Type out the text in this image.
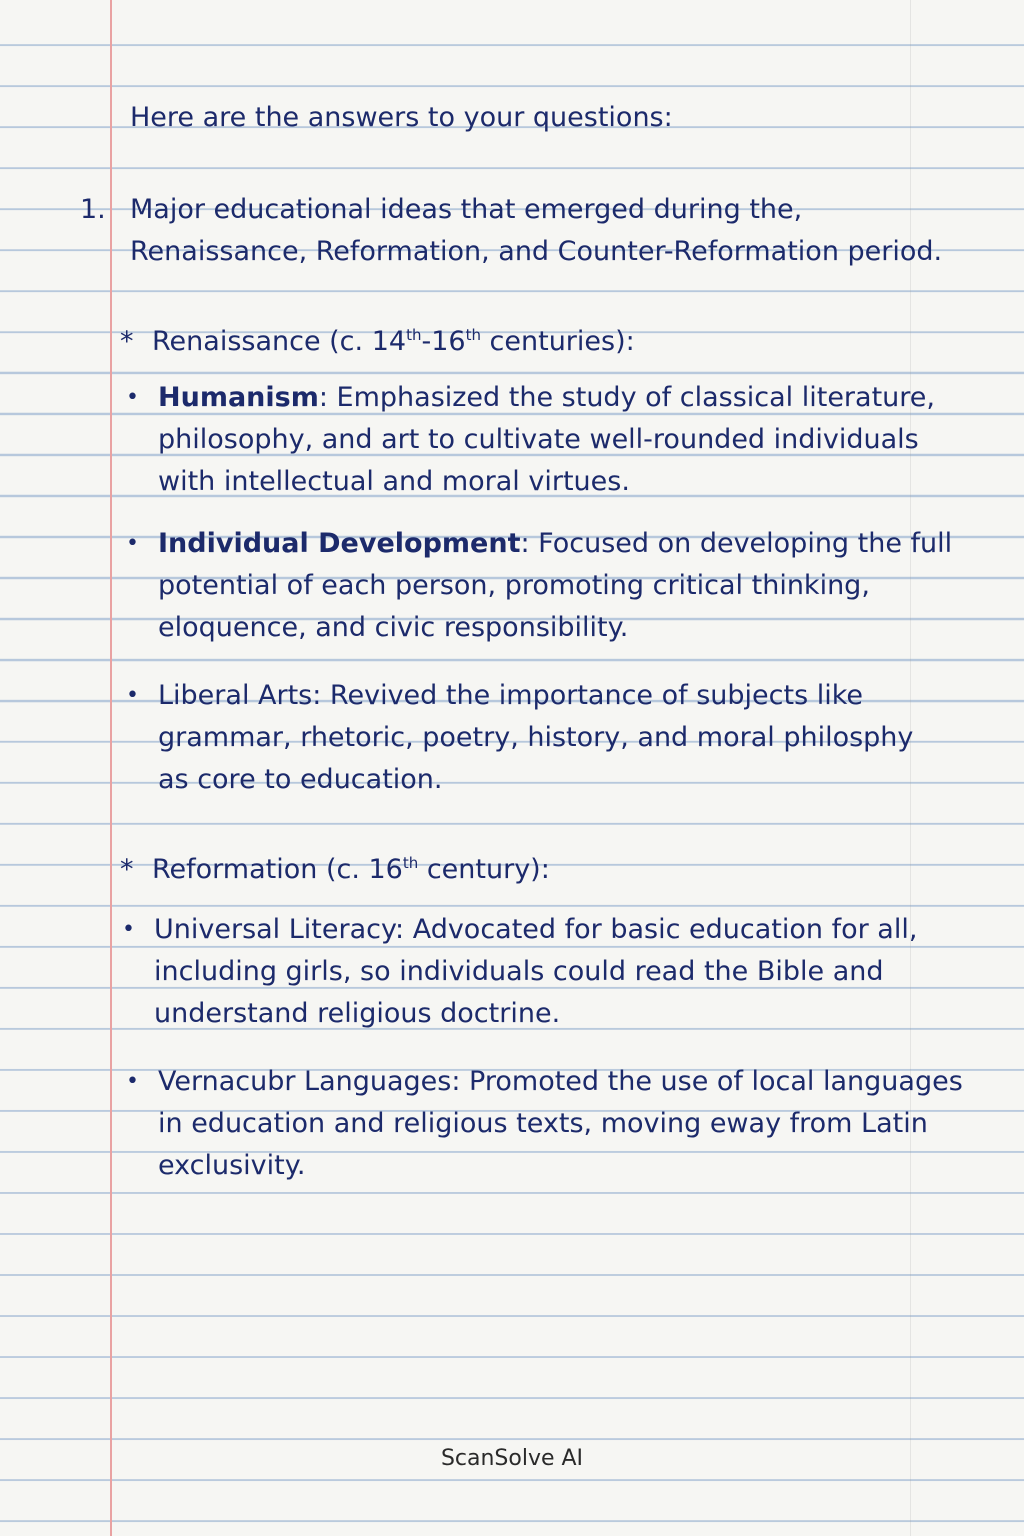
Here are the answers to your questions:
1. Major educational ideas that emerged during the,
Renaissance, Reformation, and Counter-Reformation period.
* Renaissance (c. 14th-16th centuries):
• Humanism: Emphasized the study of classical literature,
philosophy, and art to cultivate well-rounded individuals
with intellectual and moral virtues.
• Individual Development: Focused on developing the full
potential of each person, promoting critical thinking,
eloquence, and civic responsibility.
• Liberal Arts: Revived the importance of subjects like
grammar, rhetoric, poetry, history, and moral philosphy
as core to education.
* Reformation (c. 16th century):
• Universal Literacy: Advocated for basic education for all,
including girls, so individuals could read the Bible and
understand religious doctrine.
• Vernacubr Languages: Promoted the use of local languages
in education and religious texts, moving eway from Latin
exclusivity.
ScanSolve AI
